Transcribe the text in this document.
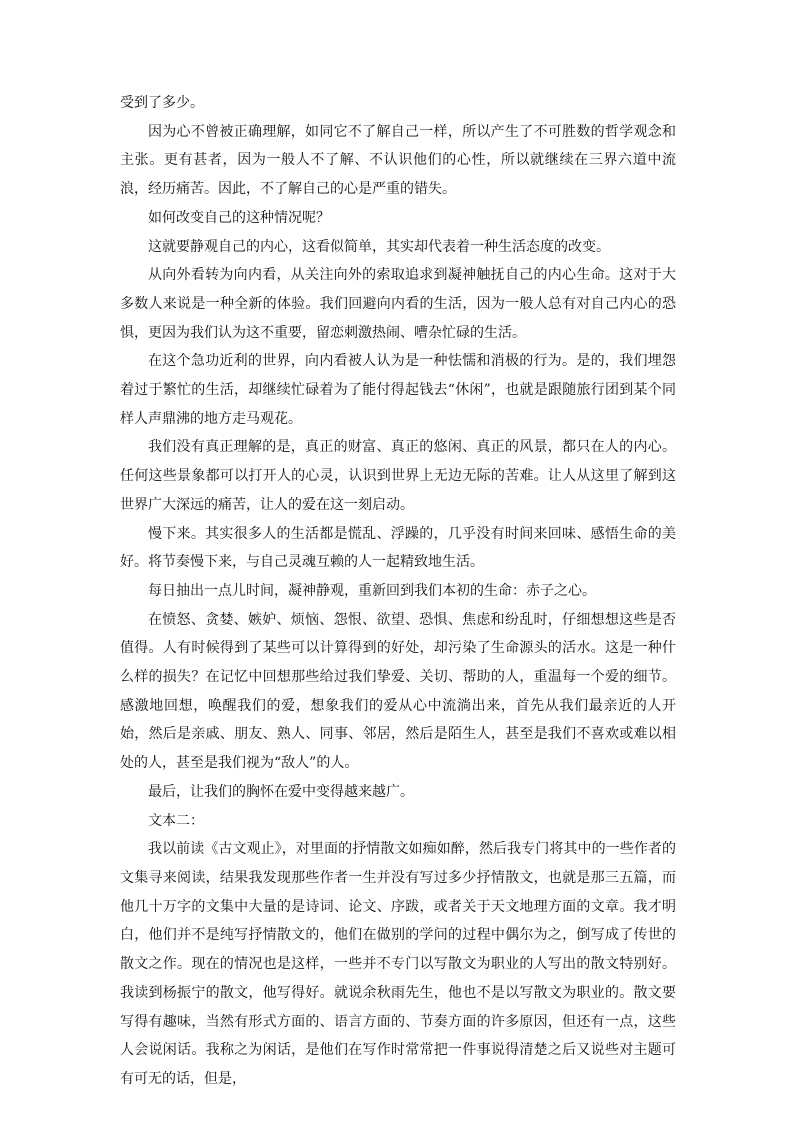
受到了多少。

因为心不曾被正确理解，如同它不了解自己一样，所以产生了不可胜数的哲学观念和主张。更有甚者，因为一般人不了解、不认识他们的心性，所以就继续在三界六道中流浪，经历痛苦。因此，不了解自己的心是严重的错失。

如何改变自己的这种情况呢？

这就要静观自己的内心，这看似简单，其实却代表着一种生活态度的改变。

从向外看转为向内看，从关注向外的索取追求到凝神触抚自己的内心生命。这对于大多数人来说是一种全新的体验。我们回避向内看的生活，因为一般人总有对自己内心的恐惧，更因为我们认为这不重要，留恋刺激热闹、嘈杂忙碌的生活。

在这个急功近利的世界，向内看被人认为是一种怯懦和消极的行为。是的，我们埋怨着过于繁忙的生活，却继续忙碌着为了能付得起钱去“休闲”，也就是跟随旅行团到某个同样人声鼎沸的地方走马观花。

我们没有真正理解的是，真正的财富、真正的悠闲、真正的风景，都只在人的内心。任何这些景象都可以打开人的心灵，认识到世界上无边无际的苦难。让人从这里了解到这世界广大深远的痛苦，让人的爱在这一刻启动。

慢下来。其实很多人的生活都是慌乱、浮躁的，几乎没有时间来回味、感悟生命的美好。将节奏慢下来，与自己灵魂互赖的人一起精致地生活。

每日抽出一点儿时间，凝神静观，重新回到我们本初的生命：赤子之心。

在愤怒、贪婪、嫉妒、烦恼、怨恨、欲望、恐惧、焦虑和纷乱时，仔细想想这些是否值得。人有时候得到了某些可以计算得到的好处，却污染了生命源头的活水。这是一种什么样的损失？在记忆中回想那些给过我们挚爱、关切、帮助的人，重温每一个爱的细节。感激地回想，唤醒我们的爱，想象我们的爱从心中流淌出来，首先从我们最亲近的人开始，然后是亲戚、朋友、熟人、同事、邻居，然后是陌生人，甚至是我们不喜欢或难以相处的人，甚至是我们视为“敌人”的人。

最后，让我们的胸怀在爱中变得越来越广。

文本二：

我以前读《古文观止》，对里面的抒情散文如痴如醉，然后我专门将其中的一些作者的文集寻来阅读，结果我发现那些作者一生并没有写过多少抒情散文，也就是那三五篇，而他几十万字的文集中大量的是诗词、论文、序跋，或者关于天文地理方面的文章。我才明白，他们并不是纯写抒情散文的，他们在做别的学问的过程中偶尔为之，倒写成了传世的散文之作。现在的情况也是这样，一些并不专门以写散文为职业的人写出的散文特别好。我读到杨振宁的散文，他写得好。就说余秋雨先生，他也不是以写散文为职业的。散文要写得有趣味，当然有形式方面的、语言方面的、节奏方面的许多原因，但还有一点，这些人会说闲话。我称之为闲话，是他们在写作时常常把一件事说得清楚之后又说些对主题可有可无的话，但是，
